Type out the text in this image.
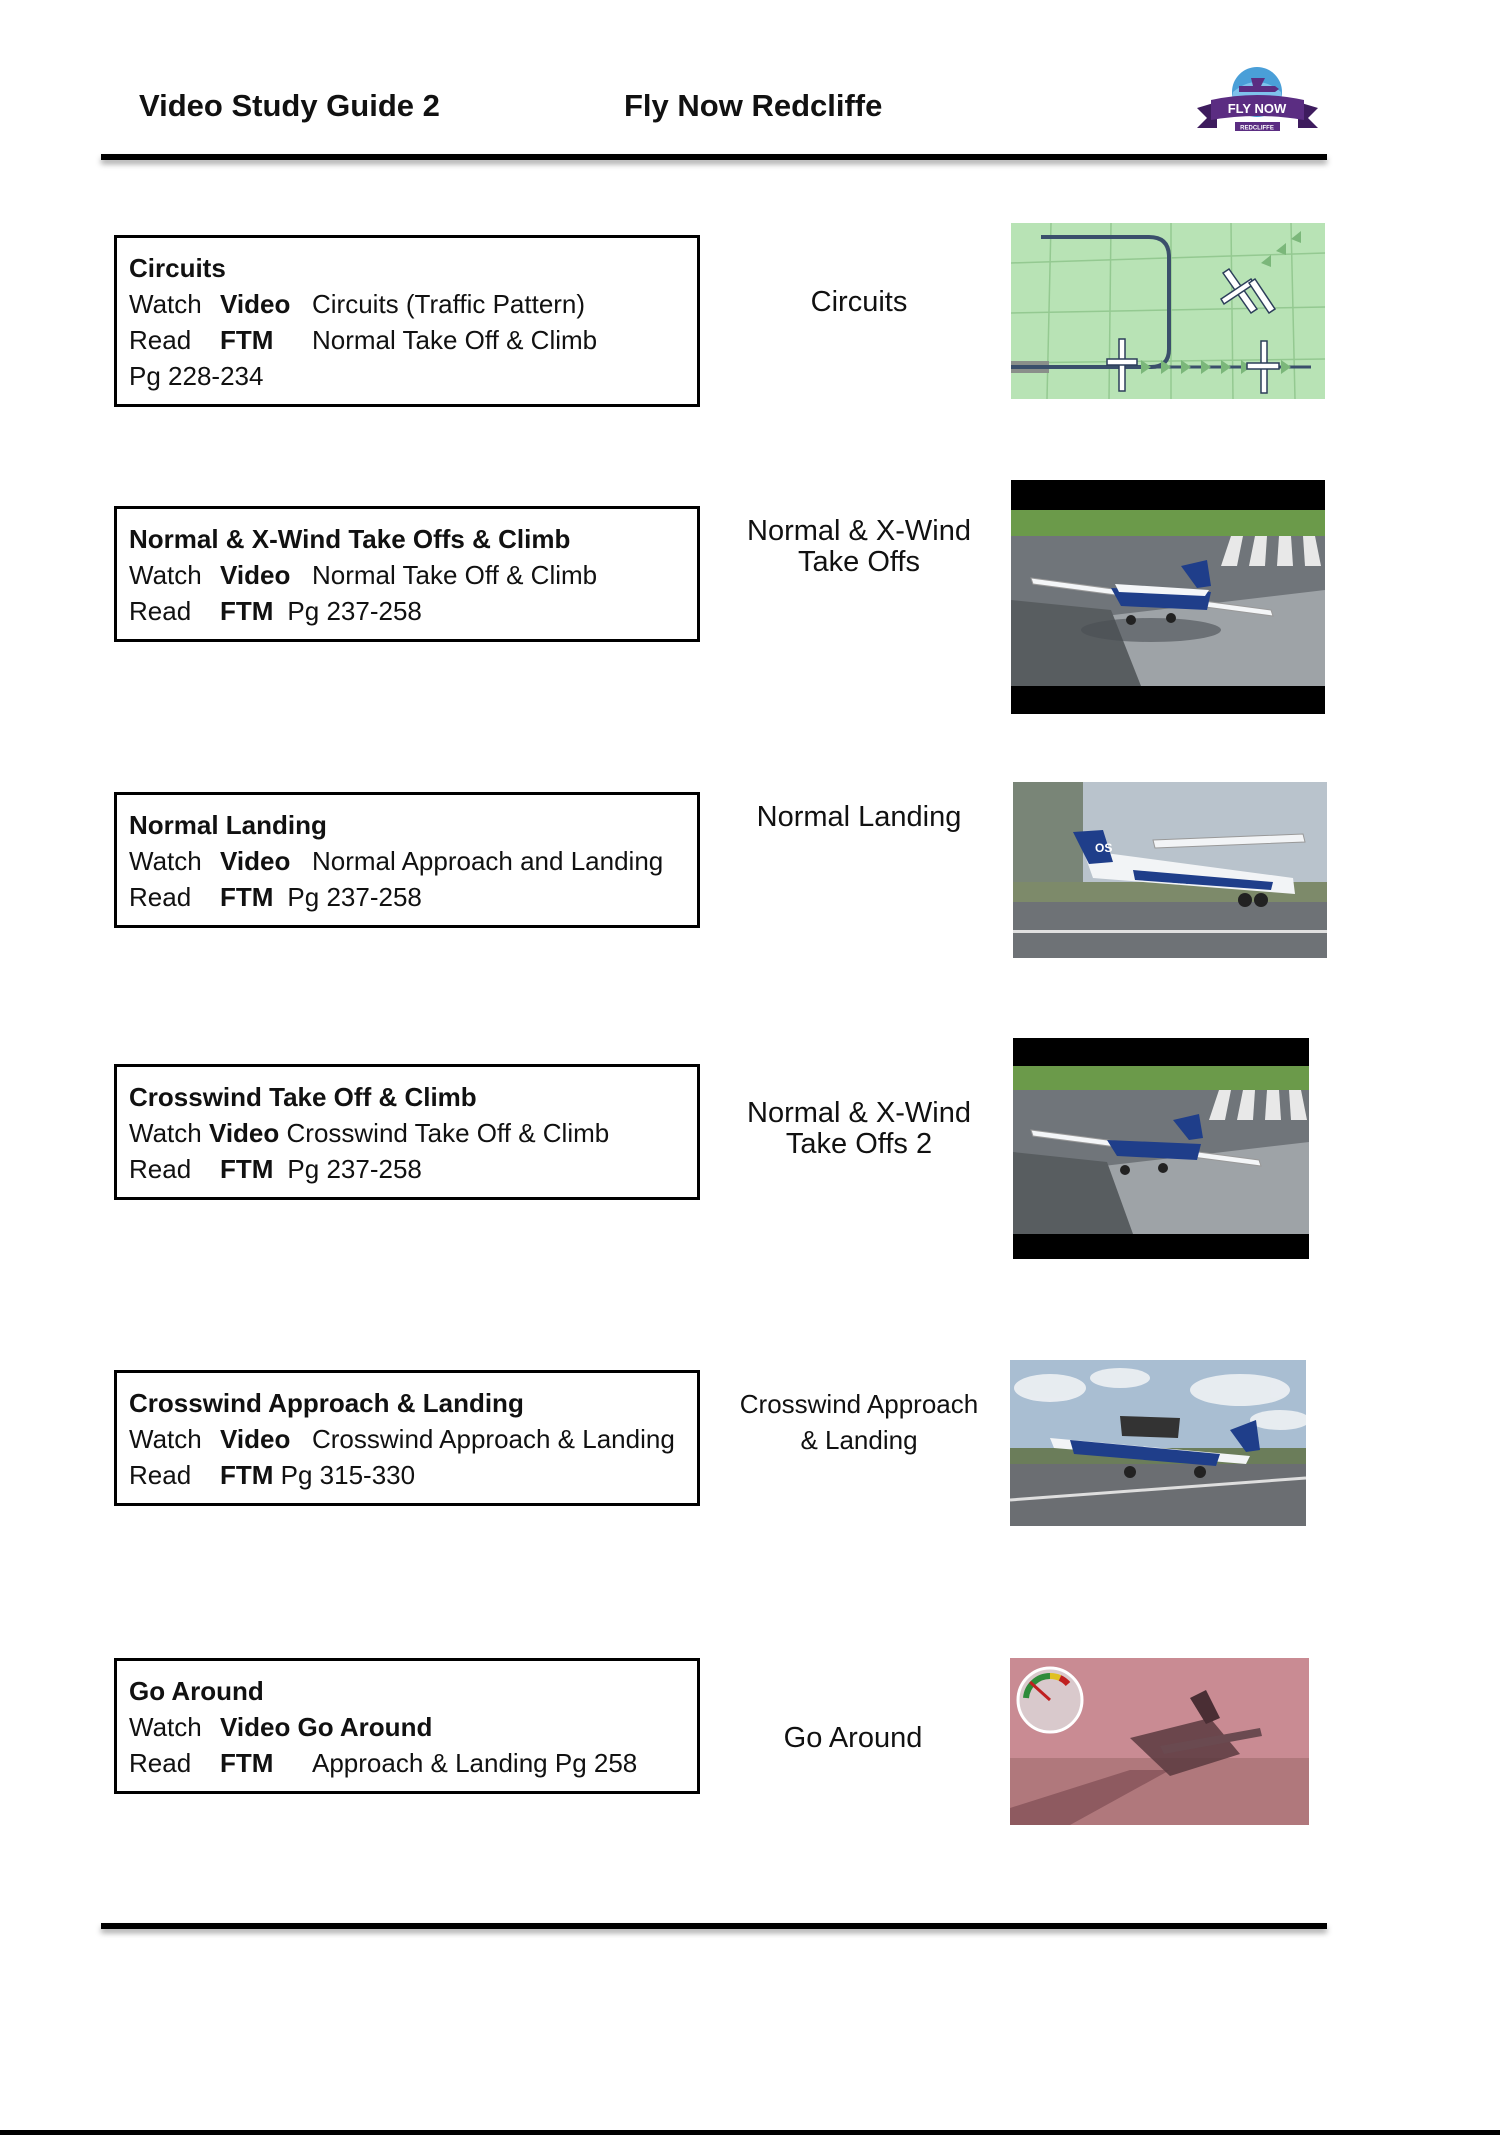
Video Study Guide 2	Fly Now Redcliffe	FLY NOW
REDCLIFFE
Circuits
Watch Video Circuits (Traffic Pattern)
Read FTM Normal Take Off & Climb
Pg 228-234
Circuits
Normal & X-Wind Take Offs & Climb
Watch Video Normal Take Off & Climb
Read FTM Pg 237-258
Normal & X-Wind
Take Offs
Normal Landing
Watch Video Normal Approach and Landing
Read FTM Pg 237-258
Normal Landing
OS
N405ER
Crosswind Take Off & Climb
Watch Video Crosswind Take Off & Climb
Read FTM Pg 237-258
Normal & X-Wind
Take Offs 2
Crosswind Approach & Landing
Watch Video Crosswind Approach & Landing
Read FTM Pg 315-330
Crosswind Approach
& Landing
Go Around
Watch Video Go Around
Read FTM Approach & Landing Pg 258
Go Around
